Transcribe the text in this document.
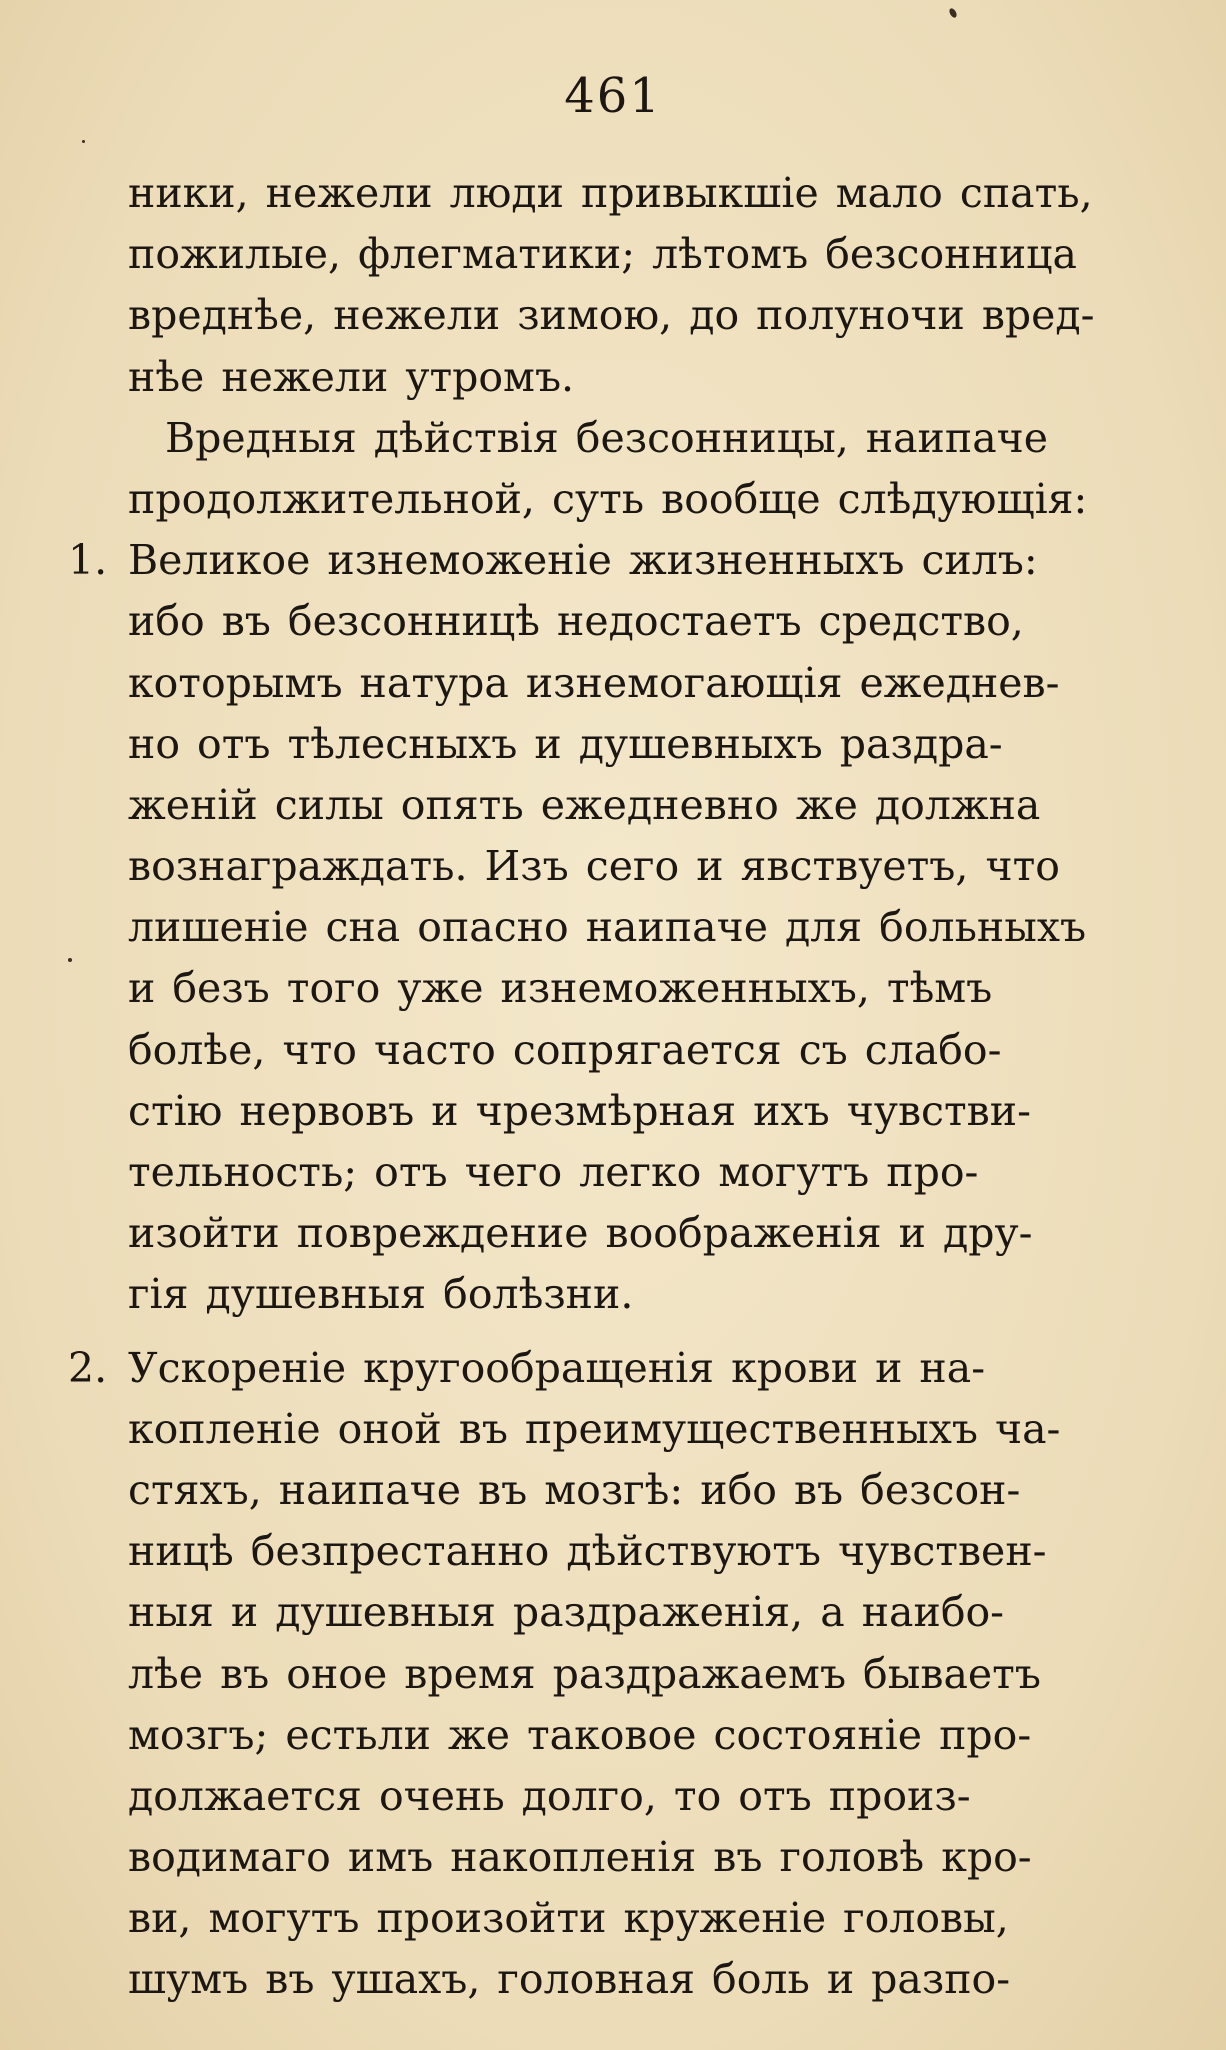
461
ники, нежели люди привыкшіе мало спать,
пожилые, флегматики; лѣтомъ безсонница
вреднѣе, нежели зимою, до полуночи вред-
нѣе нежели утромъ.
Вредныя дѣйствія безсонницы, наипаче
продолжительной, суть вообще слѣдующія:
1. Великое изнеможеніе жизненныхъ силъ:
ибо въ безсонницѣ недостаетъ средство,
которымъ натура изнемогающія ежеднев-
но отъ тѣлесныхъ и душевныхъ раздра-
женій силы опять ежедневно же должна
вознаграждать. Изъ сего и явствуетъ, что
лишеніе сна опасно наипаче для больныхъ
и безъ того уже изнеможенныхъ, тѣмъ
болѣе, что часто сопрягается съ слабо-
стію нервовъ и чрезмѣрная ихъ чувстви-
тельность; отъ чего легко могутъ про-
изойти повреждение воображенія и дру-
гія душевныя болѣзни.
2. Ускореніе кругообращенія крови и на-
копленіе оной въ преимущественныхъ ча-
стяхъ, наипаче въ мозгѣ: ибо въ безсон-
ницѣ безпрестанно дѣйствуютъ чувствен-
ныя и душевныя раздраженія, а наибо-
лѣе въ оное время раздражаемъ бываетъ
мозгъ; естьли же таковое состояніе про-
должается очень долго, то отъ произ-
водимаго имъ накопленія въ головѣ кро-
ви, могутъ произойти круженіе головы,
шумъ въ ушахъ, головная боль и разпо-
